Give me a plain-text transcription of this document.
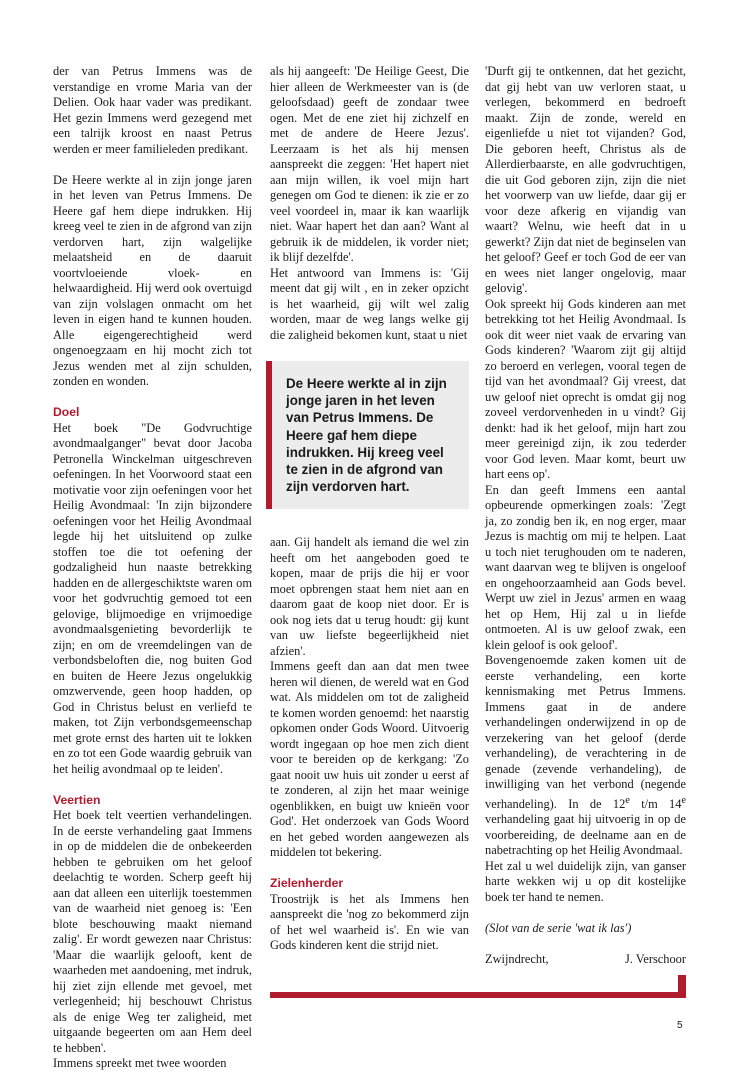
der van Petrus Immens was de verstandige en vrome Maria van der Delien. Ook haar vader was predikant. Het gezin Immens werd gezegend met een talrijk kroost en naast Petrus werden er meer familieleden predikant.

De Heere werkte al in zijn jonge jaren in het leven van Petrus Immens. De Heere gaf hem diepe indrukken. Hij kreeg veel te zien in de afgrond van zijn verdorven hart, zijn walgelijke melaatsheid en de daaruit voortvloeiende vloek- en helwaardigheid. Hij werd ook overtuigd van zijn volslagen onmacht om het leven in eigen hand te kunnen houden. Alle eigengerechtigheid werd ongenoegzaam en hij mocht zich tot Jezus wenden met al zijn schulden, zonden en wonden.

Doel

Het boek "De Godvruchtige avondmaalganger" bevat door Jacoba Petronella Winckelman uitgeschreven oefeningen. In het Voorwoord staat een motivatie voor zijn oefeningen voor het Heilig Avondmaal: 'In zijn bijzondere oefeningen voor het Heilig Avondmaal legde hij het uitsluitend op zulke stoffen toe die tot oefening der godzaligheid hun naaste betrekking hadden en de allergeschiktste waren om voor het godvruchtig gemoed tot een gelovige, blijmoedige en vrijmoedige avondmaalsgenieting bevorderlijk te zijn; en om de vreemdelingen van de verbondsbeloften die, nog buiten God en buiten de Heere Jezus ongelukkig omzwervende, geen hoop hadden, op God in Christus belust en verliefd te maken, tot Zijn verbondsgemeenschap met grote ernst des harten uit te lokken en zo tot een Gode waardig gebruik van het heilig avondmaal op te leiden'.

Veertien

Het boek telt veertien verhandelingen. In de eerste verhandeling gaat Immens in op de middelen die de onbekeerden hebben te gebruiken om het geloof deelachtig te worden. Scherp geeft hij aan dat alleen een uiterlijk toestemmen van de waarheid niet genoeg is: 'Een blote beschouwing maakt niemand zalig'. Er wordt gewezen naar Christus: 'Maar die waarlijk gelooft, kent de waarheden met aandoening, met indruk, hij ziet zijn ellende met gevoel, met verlegenheid; hij beschouwt Christus als de enige Weg ter zaligheid, met uitgaande begeerten om aan Hem deel te hebben'.

Immens spreekt met twee woorden

als hij aangeeft: 'De Heilige Geest, Die hier alleen de Werkmeester van is (de geloofsdaad) geeft de zondaar twee ogen. Met de ene ziet hij zichzelf en met de andere de Heere Jezus'. Leerzaam is het als hij mensen aanspreekt die zeggen: 'Het hapert niet aan mijn willen, ik voel mijn hart genegen om God te dienen: ik zie er zo veel voordeel in, maar ik kan waarlijk niet. Waar hapert het dan aan? Want al gebruik ik de middelen, ik vorder niet; ik blijf dezelfde'.

Het antwoord van Immens is: 'Gij meent dat gij wilt , en in zeker opzicht is het waarheid, gij wilt wel zalig worden, maar de weg langs welke gij die zaligheid bekomen kunt, staat u niet

De Heere werkte al in zijn jonge jaren in het leven van Petrus Immens. De Heere gaf hem diepe indrukken. Hij kreeg veel te zien in de afgrond van zijn verdorven hart.

aan. Gij handelt als iemand die wel zin heeft om het aangeboden goed te kopen, maar de prijs die hij er voor moet opbrengen staat hem niet aan en daarom gaat de koop niet door. Er is ook nog iets dat u terug houdt: gij kunt van uw liefste begeerlijkheid niet afzien'.

Immens geeft dan aan dat men twee heren wil dienen, de wereld wat en God wat. Als middelen om tot de zaligheid te komen worden genoemd: het naarstig opkomen onder Gods Woord. Uitvoerig wordt ingegaan op hoe men zich dient voor te bereiden op de kerkgang: 'Zo gaat nooit uw huis uit zonder u eerst af te zonderen, al zijn het maar weinige ogenblikken, en buigt uw knieën voor God'. Het onderzoek van Gods Woord en het gebed worden aangewezen als middelen tot bekering.

Zielenherder

Troostrijk is het als Immens hen aanspreekt die 'nog zo bekommerd zijn of het wel waarheid is'. En wie van Gods kinderen kent die strijd niet.

'Durft gij te ontkennen, dat het gezicht, dat gij hebt van uw verloren staat, u verlegen, bekommerd en bedroeft maakt. Zijn de zonde, wereld en eigenliefde u niet tot vijanden? God, Die geboren heeft, Christus als de Allerdierbaarste, en alle godvruchtigen, die uit God geboren zijn, zijn die niet het voorwerp van uw liefde, daar gij er voor deze afkerig en vijandig van waart? Welnu, wie heeft dat in u gewerkt? Zijn dat niet de beginselen van het geloof? Geef er toch God de eer van en wees niet langer ongelovig, maar gelovig'.

Ook spreekt hij Gods kinderen aan met betrekking tot het Heilig Avondmaal. Is ook dit weer niet vaak de ervaring van Gods kinderen? 'Waarom zijt gij altijd zo beroerd en verlegen, vooral tegen de tijd van het avondmaal? Gij vreest, dat uw geloof niet oprecht is omdat gij nog zoveel verdorvenheden in u vindt? Gij denkt: had ik het geloof, mijn hart zou meer gereinigd zijn, ik zou tederder voor God leven. Maar komt, beurt uw hart eens op'.

En dan geeft Immens een aantal opbeurende opmerkingen zoals: 'Zegt ja, zo zondig ben ik, en nog erger, maar Jezus is machtig om mij te helpen. Laat u toch niet terughouden om te naderen, want daarvan weg te blijven is ongeloof en ongehoorzaamheid aan Gods bevel. Werpt uw ziel in Jezus' armen en waag het op Hem, Hij zal u in liefde ontmoeten. Al is uw geloof zwak, een klein geloof is ook geloof'.

Bovengenoemde zaken komen uit de eerste verhandeling, een korte kennismaking met Petrus Immens. Immens gaat in de andere verhandelingen onderwijzend in op de verzekering van het geloof (derde verhandeling), de verachtering in de genade (zevende verhandeling), de inwilliging van het verbond (negende verhandeling). In de 12e t/m 14e verhandeling gaat hij uitvoerig in op de voorbereiding, de deelname aan en de nabetrachting op het Heilig Avondmaal.

Het zal u wel duidelijk zijn, van ganser harte wekken wij u op dit kostelijke boek ter hand te nemen.

(Slot van de serie 'wat ik las')

Zwijndrecht,	J. Verschoor

5
